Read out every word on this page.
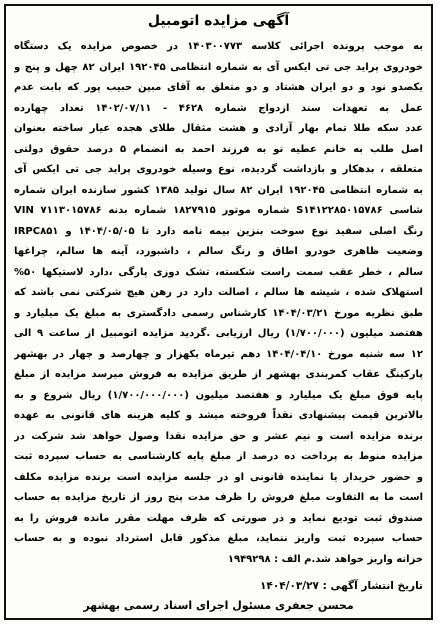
آگهی مزایده اتومبیل
به موجب پرونده اجرائی کلاسه ۱۴۰۳۰۰۷۷۳ در خصوص مزایده یک دستگاه
خودروی پراید جی تی ایکس آی به شماره انتظامی ۱۹۲۰۴۵ ایران ۸۲ چهل و پنج و
یکصدو نود و دو ایران هشتاد و دو متعلق به آقای مبین حبیب پور که بابت عدم
عمل به تعهدات سند ازدواج شماره ۴۶۲۸ - ۱۴۰۲/۰۷/۱۱ تعداد چهارده
عدد سکه طلا تمام بهار آزادی و هشت مثقال طلای هجده عیار ساخته بعنوان
اصل طلب به خانم عطیه تو به فرزند احمد به انضمام ۵ درصد حقوق دولتی
متعلقه ، بدهکار و بازداشت گردیده، نوع وسیله خودروی پراید جی تی ایکس آی
به شماره انتظامی ۱۹۲۰۴۵ ایران ۸۲ سال تولید ۱۳۸۵ کشور سازنده ایران شماره
شاسی S۱۴۱۲۲۸۵۰۱۵۷۸۶ شماره موتور ۱۸۲۷۹۱۵ شماره بدنه VIN ۷۱۱۳۰۱۵۷۸۶
IRPC۸۵۱ رنگ اصلی سفید نوع سوخت بنزین بیمه نامه دارد تا ۱۴۰۴/۰۵/۰۵ و
وضعیت ظاهری خودرو اطاق و رنگ سالم ، داشبورد، آینه ها سالم، چراغها
سالم ، خطر عقب سمت راست شکسته، تشک دوزی پارگی ،دارد لاستیکها ۵۰%
استهلاک شده ، شیشه ها سالم ، اصالت دارد در رهن هیچ شرکتی نمی باشد که
طبق نظریه مورخ ۱۴۰۴/۰۳/۲۱ کارشناس رسمی دادگستری به مبلغ یک میلیارد و
هفتصد میلیون (۱/۷۰۰/۰۰۰) ریال ارزیابی .گردید مزایده اتومبیل از ساعت ۹ الی
۱۲ سه شنبه مورخ ۱۴۰۴/۰۴/۱۰ دهم تیرماه یکهزار و چهارصد و چهار در بهشهر
پارکینگ عقاب کمربندی بهشهر از طریق مزایده به فروش میرسد مزایده از مبلغ
پایه فوق مبلغ یک میلیارد و هفتصد میلیون (۱/۷۰۰/۰۰۰/۰۰۰) ریال شروع و به
بالاترین قیمت پیشنهادی نقداً فروخته میشد و کلیه هزینه های قانونی به عهده
برنده مزایده است و نیم عشر و حق مزایده نقدا وصول خواهد شد شرکت در
مزایده منوط به پرداخت ده درصد از مبلغ پایه کارشناسی به حساب سپرده ثبت
و حضور خریدار یا نماینده قانونی او در جلسه مزایده است برنده مزایده مکلف
است ما به التفاوت مبلغ فروش را ظرف مدت پنج روز از تاریخ مزایده به حساب
صندوق ثبت تودیع نماید و در صورتی که ظرف مهلت مقرر مانده فروش را به
حساب سپرده ثبت واریز ننماید، مبلغ مذکور قابل استرداد نبوده و به حساب
خزانه واریز خواهد شد.م الف : ۱۹۴۹۲۹۸
تاریخ انتشار آگهی : ۱۴۰۴/۰۳/۲۷
محسن جعفری مسئول اجرای اسناد رسمی بهشهر
